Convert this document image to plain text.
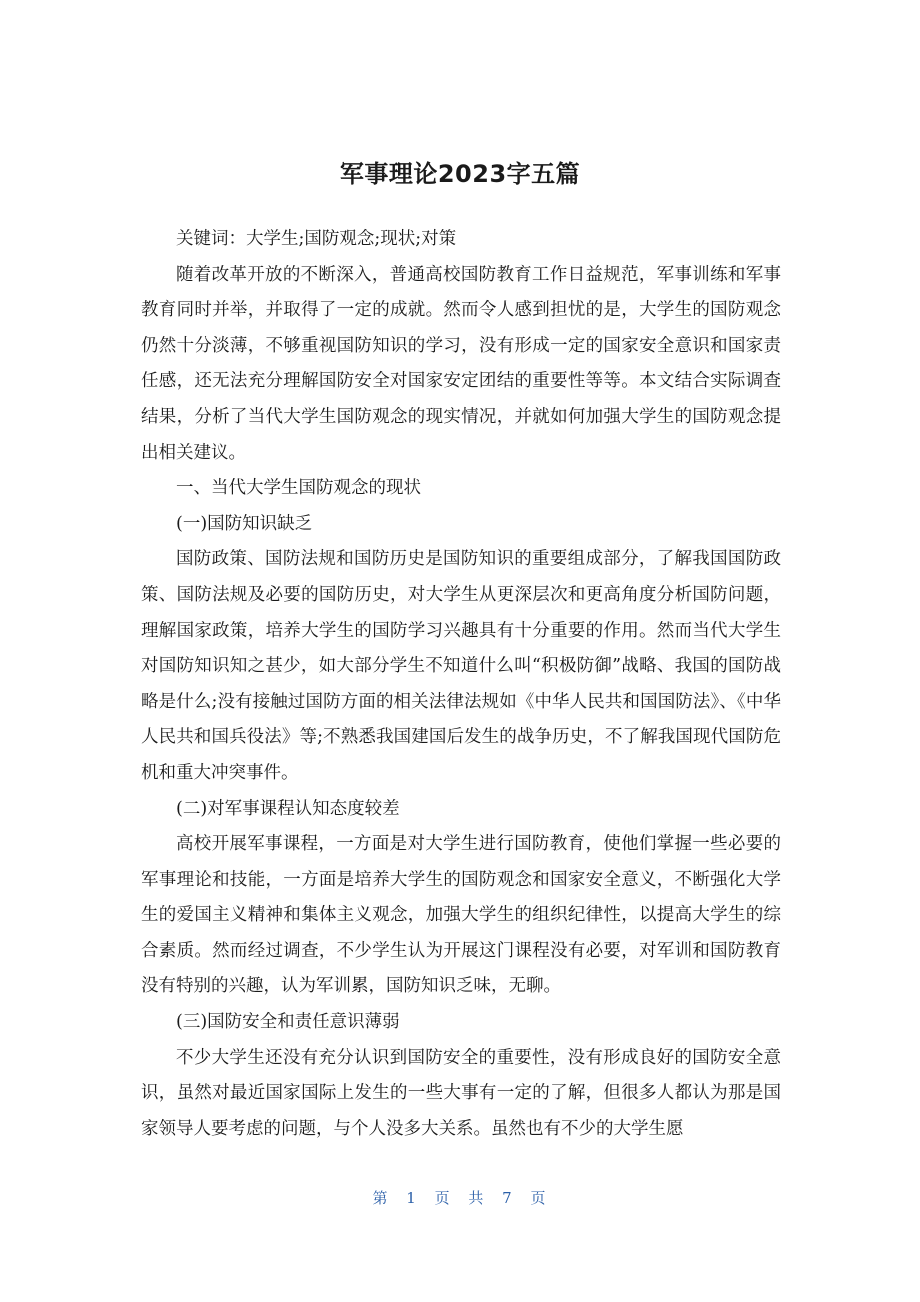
军事理论2023字五篇

关键词：大学生;国防观念;现状;对策

随着改革开放的不断深入，普通高校国防教育工作日益规范，军事训练和军事教育同时并举，并取得了一定的成就。然而令人感到担忧的是，大学生的国防观念仍然十分淡薄，不够重视国防知识的学习，没有形成一定的国家安全意识和国家责任感，还无法充分理解国防安全对国家安定团结的重要性等等。本文结合实际调查结果，分析了当代大学生国防观念的现实情况，并就如何加强大学生的国防观念提出相关建议。

一、当代大学生国防观念的现状

(一)国防知识缺乏

国防政策、国防法规和国防历史是国防知识的重要组成部分，了解我国国防政策、国防法规及必要的国防历史，对大学生从更深层次和更高角度分析国防问题，理解国家政策，培养大学生的国防学习兴趣具有十分重要的作用。然而当代大学生对国防知识知之甚少，如大部分学生不知道什么叫“积极防御”战略、我国的国防战略是什么;没有接触过国防方面的相关法律法规如《中华人民共和国国防法》、《中华人民共和国兵役法》等;不熟悉我国建国后发生的战争历史，不了解我国现代国防危机和重大冲突事件。

(二)对军事课程认知态度较差

高校开展军事课程，一方面是对大学生进行国防教育，使他们掌握一些必要的军事理论和技能，一方面是培养大学生的国防观念和国家安全意义，不断强化大学生的爱国主义精神和集体主义观念，加强大学生的组织纪律性，以提高大学生的综合素质。然而经过调查，不少学生认为开展这门课程没有必要，对军训和国防教育没有特别的兴趣，认为军训累，国防知识乏味，无聊。

(三)国防安全和责任意识薄弱

不少大学生还没有充分认识到国防安全的重要性，没有形成良好的国防安全意识，虽然对最近国家国际上发生的一些大事有一定的了解，但很多人都认为那是国家领导人要考虑的问题，与个人没多大关系。虽然也有不少的大学生愿

第 1 页 共 7 页
